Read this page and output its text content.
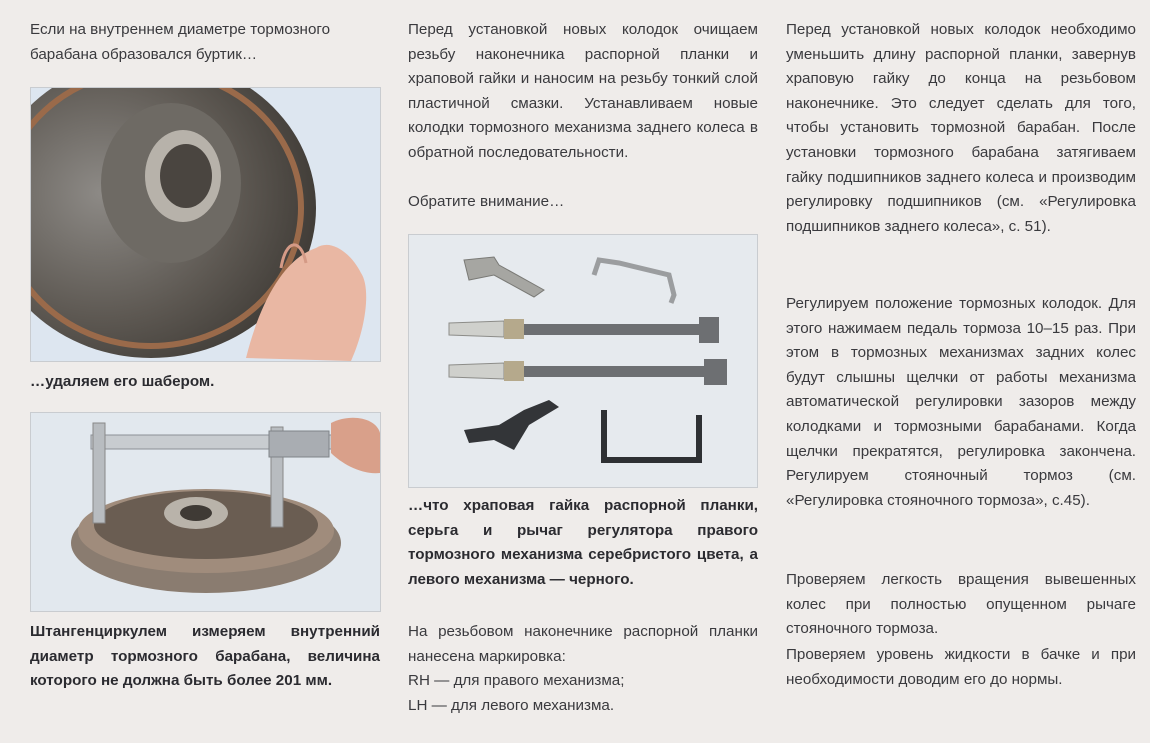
Если на внутреннем диаметре тормозного барабана образовался буртик…

…удаляем его шабером.

Штангенциркулем измеряем внутренний диаметр тормозного барабана, величина которого не должна быть более 201 мм.

Перед установкой новых колодок очищаем резьбу наконечника распорной планки и храповой гайки и наносим на резьбу тонкий слой пластичной смазки. Устанавливаем новые колодки тормозного механизма заднего колеса в обратной последовательности.

Обратите внимание…

…что храповая гайка распорной планки, серьга и рычаг регулятора правого тормозного механизма серебристого цвета, а левого механизма — черного.

На резьбовом наконечнике распорной планки нанесена маркировка:

RH — для правого механизма;

LH — для левого механизма.

Перед установкой новых колодок необходимо уменьшить длину распорной планки, завернув храповую гайку до конца на резьбовом наконечнике. Это следует сделать для того, чтобы установить тормозной барабан. После установки тормозного барабана затягиваем гайку подшипников заднего колеса и производим регулировку подшипников (см. «Регулировка подшипников заднего колеса», с. 51).

Регулируем положение тормозных колодок. Для этого нажимаем педаль тормоза 10–15 раз. При этом в тормозных механизмах задних колес будут слышны щелчки от работы механизма автоматической регулировки зазоров между колодками и тормозными барабанами. Когда щелчки прекратятся, регулировка закончена. Регулируем стояночный тормоз (см. «Регулировка стояночного тормоза», с.45).

Проверяем легкость вращения вывешенных колес при полностью опущенном рычаге стояночного тормоза.

Проверяем уровень жидкости в бачке и при необходимости доводим его до нормы.
